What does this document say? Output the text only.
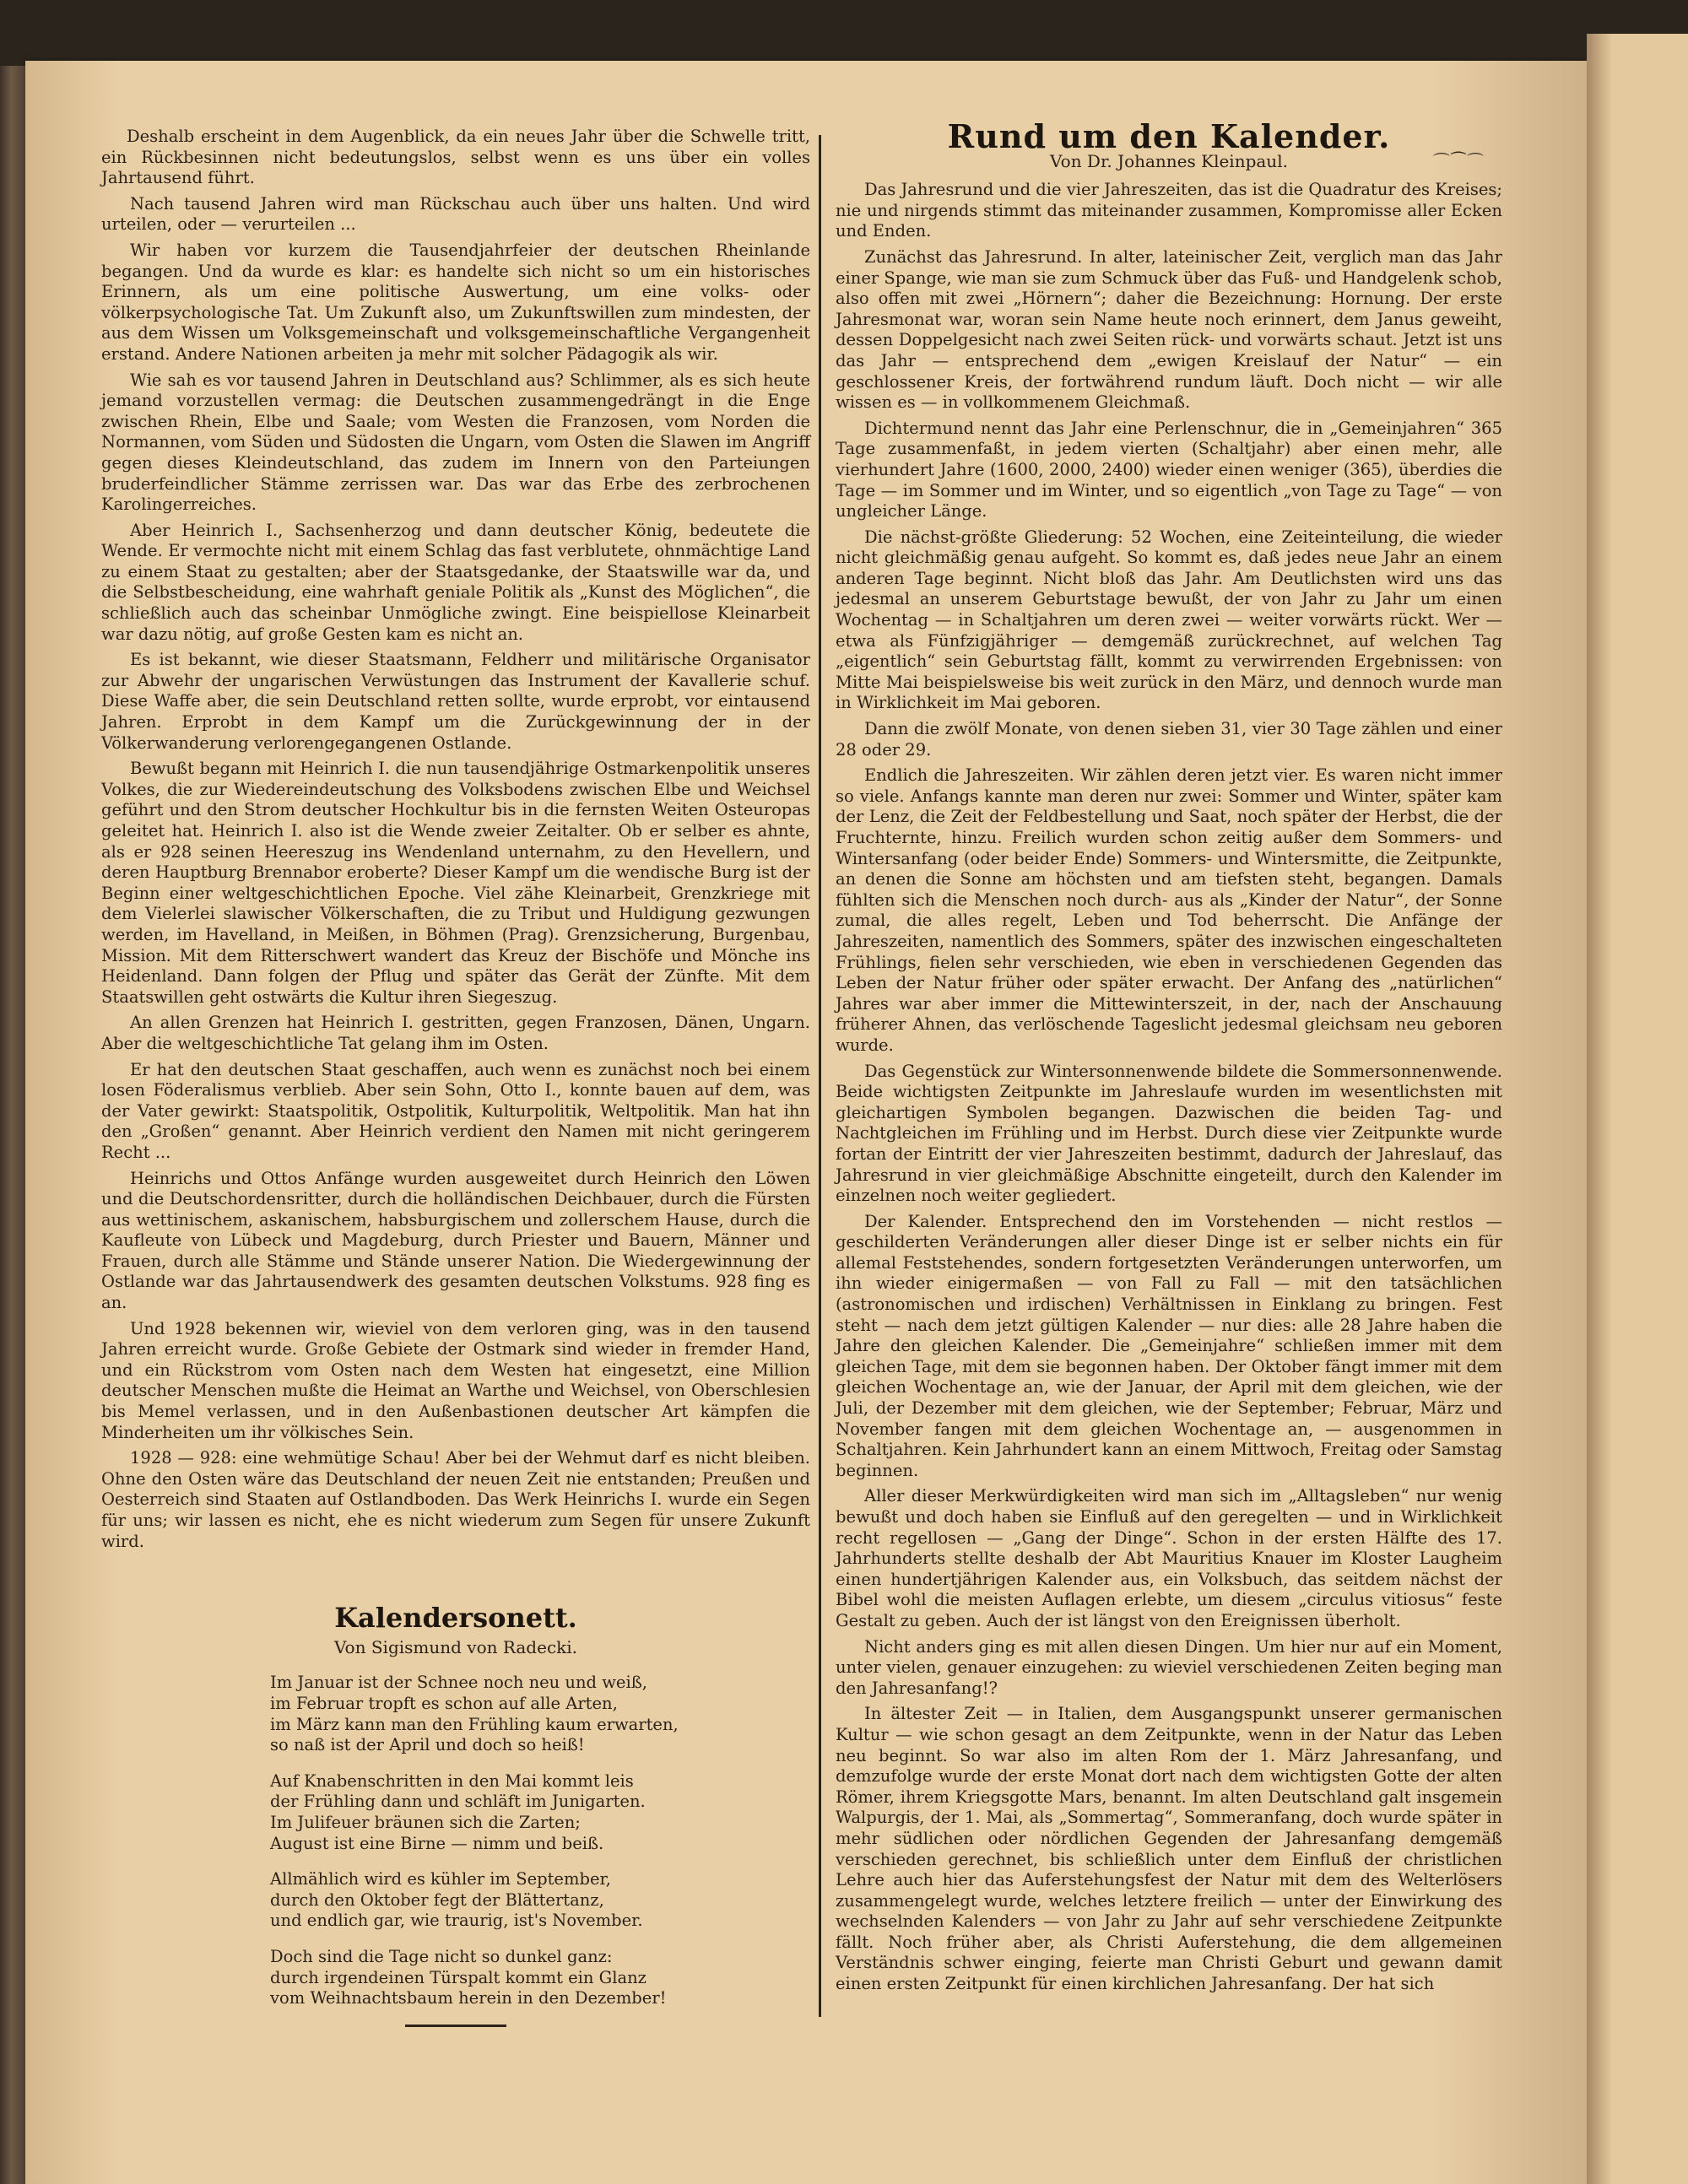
Deshalb erscheint in dem Augenblick, da ein neues Jahr über die Schwelle tritt, ein Rückbesinnen nicht bedeutungslos, selbst wenn es uns über ein volles Jahrtausend führt.

Nach tausend Jahren wird man Rückschau auch über uns halten. Und wird urteilen, oder — verurteilen ...

Wir haben vor kurzem die Tausendjahrfeier der deutschen Rheinlande begangen. Und da wurde es klar: es handelte sich nicht so um ein historisches Erinnern, als um eine politische Auswertung, um eine volks- oder völkerpsychologische Tat. Um Zukunft also, um Zukunftswillen zum mindesten, der aus dem Wissen um Volksgemeinschaft und volksgemeinschaftliche Vergangenheit erstand. Andere Nationen arbeiten ja mehr mit solcher Pädagogik als wir.

Wie sah es vor tausend Jahren in Deutschland aus? Schlimmer, als es sich heute jemand vorzustellen vermag: die Deutschen zusammengedrängt in die Enge zwischen Rhein, Elbe und Saale; vom Westen die Franzosen, vom Norden die Normannen, vom Süden und Südosten die Ungarn, vom Osten die Slawen im Angriff gegen dieses Kleindeutschland, das zudem im Innern von den Parteiungen bruderfeindlicher Stämme zerrissen war. Das war das Erbe des zerbrochenen Karolingerreiches.

Aber Heinrich I., Sachsenherzog und dann deutscher König, bedeutete die Wende. Er vermochte nicht mit einem Schlag das fast verblutete, ohnmächtige Land zu einem Staat zu gestalten; aber der Staatsgedanke, der Staatswille war da, und die Selbstbescheidung, eine wahrhaft geniale Politik als „Kunst des Möglichen“, die schließlich auch das scheinbar Unmögliche zwingt. Eine beispiellose Kleinarbeit war dazu nötig, auf große Gesten kam es nicht an.

Es ist bekannt, wie dieser Staatsmann, Feldherr und militärische Organisator zur Abwehr der ungarischen Verwüstungen das Instrument der Kavallerie schuf. Diese Waffe aber, die sein Deutschland retten sollte, wurde erprobt, vor eintausend Jahren. Erprobt in dem Kampf um die Zurückgewinnung der in der Völkerwanderung verlorengegangenen Ostlande.

Bewußt begann mit Heinrich I. die nun tausendjährige Ostmarkenpolitik unseres Volkes, die zur Wiedereindeutschung des Volksbodens zwischen Elbe und Weichsel geführt und den Strom deutscher Hochkultur bis in die fernsten Weiten Osteuropas geleitet hat. Heinrich I. also ist die Wende zweier Zeitalter. Ob er selber es ahnte, als er 928 seinen Heereszug ins Wendenland unternahm, zu den Hevellern, und deren Hauptburg Brennabor eroberte? Dieser Kampf um die wendische Burg ist der Beginn einer weltgeschichtlichen Epoche. Viel zähe Kleinarbeit, Grenzkriege mit dem Vielerlei slawischer Völkerschaften, die zu Tribut und Huldigung gezwungen werden, im Havelland, in Meißen, in Böhmen (Prag). Grenzsicherung, Burgenbau, Mission. Mit dem Ritterschwert wandert das Kreuz der Bischöfe und Mönche ins Heidenland. Dann folgen der Pflug und später das Gerät der Zünfte. Mit dem Staatswillen geht ostwärts die Kultur ihren Siegeszug.

An allen Grenzen hat Heinrich I. gestritten, gegen Franzosen, Dänen, Ungarn. Aber die weltgeschichtliche Tat gelang ihm im Osten.

Er hat den deutschen Staat geschaffen, auch wenn es zunächst noch bei einem losen Föderalismus verblieb. Aber sein Sohn, Otto I., konnte bauen auf dem, was der Vater gewirkt: Staatspolitik, Ostpolitik, Kulturpolitik, Weltpolitik. Man hat ihn den „Großen“ genannt. Aber Heinrich verdient den Namen mit nicht geringerem Recht ...

Heinrichs und Ottos Anfänge wurden ausgeweitet durch Heinrich den Löwen und die Deutschordensritter, durch die holländischen Deichbauer, durch die Fürsten aus wettinischem, askanischem, habsburgischem und zollerschem Hause, durch die Kaufleute von Lübeck und Magdeburg, durch Priester und Bauern, Männer und Frauen, durch alle Stämme und Stände unserer Nation. Die Wiedergewinnung der Ostlande war das Jahrtausendwerk des gesamten deutschen Volkstums. 928 fing es an.

Und 1928 bekennen wir, wieviel von dem verloren ging, was in den tausend Jahren erreicht wurde. Große Gebiete der Ostmark sind wieder in fremder Hand, und ein Rückstrom vom Osten nach dem Westen hat eingesetzt, eine Million deutscher Menschen mußte die Heimat an Warthe und Weichsel, von Oberschlesien bis Memel verlassen, und in den Außenbastionen deutscher Art kämpfen die Minderheiten um ihr völkisches Sein.

1928 — 928: eine wehmütige Schau! Aber bei der Wehmut darf es nicht bleiben. Ohne den Osten wäre das Deutschland der neuen Zeit nie entstanden; Preußen und Oesterreich sind Staaten auf Ostlandboden. Das Werk Heinrichs I. wurde ein Segen für uns; wir lassen es nicht, ehe es nicht wiederum zum Segen für unsere Zukunft wird.

Kalendersonett.
Von Sigismund von Radecki.
Im Januar ist der Schnee noch neu und weiß,
im Februar tropft es schon auf alle Arten,
im März kann man den Frühling kaum erwarten,
so naß ist der April und doch so heiß!
Auf Knabenschritten in den Mai kommt leis
der Frühling dann und schläft im Junigarten.
Im Julifeuer bräunen sich die Zarten;
August ist eine Birne — nimm und beiß.
Allmählich wird es kühler im September,
durch den Oktober fegt der Blättertanz,
und endlich gar, wie traurig, ist's November.
Doch sind die Tage nicht so dunkel ganz:
durch irgendeinen Türspalt kommt ein Glanz
vom Weihnachtsbaum herein in den Dezember!
Rund um den Kalender.
Von Dr. Johannes Kleinpaul.	⌒⁀⌒

Das Jahresrund und die vier Jahreszeiten, das ist die Quadratur des Kreises; nie und nirgends stimmt das miteinander zusammen, Kompromisse aller Ecken und Enden.

Zunächst das Jahresrund. In alter, lateinischer Zeit, verglich man das Jahr einer Spange, wie man sie zum Schmuck über das Fuß- und Handgelenk schob, also offen mit zwei „Hörnern“; daher die Bezeichnung: Hornung. Der erste Jahresmonat war, woran sein Name heute noch erinnert, dem Janus geweiht, dessen Doppelgesicht nach zwei Seiten rück- und vorwärts schaut. Jetzt ist uns das Jahr — entsprechend dem „ewigen Kreislauf der Natur“ — ein geschlossener Kreis, der fortwährend rundum läuft. Doch nicht — wir alle wissen es — in vollkommenem Gleichmaß.

Dichtermund nennt das Jahr eine Perlenschnur, die in „Gemeinjahren“ 365 Tage zusammenfaßt, in jedem vierten (Schaltjahr) aber einen mehr, alle vierhundert Jahre (1600, 2000, 2400) wieder einen weniger (365), überdies die Tage — im Sommer und im Winter, und so eigentlich „von Tage zu Tage“ — von ungleicher Länge.

Die nächst-größte Gliederung: 52 Wochen, eine Zeiteinteilung, die wieder nicht gleichmäßig genau aufgeht. So kommt es, daß jedes neue Jahr an einem anderen Tage beginnt. Nicht bloß das Jahr. Am Deutlichsten wird uns das jedesmal an unserem Geburtstage bewußt, der von Jahr zu Jahr um einen Wochentag — in Schaltjahren um deren zwei — weiter vorwärts rückt. Wer — etwa als Fünfzigjähriger — demgemäß zurückrechnet, auf welchen Tag „eigentlich“ sein Geburtstag fällt, kommt zu verwirrenden Ergebnissen: von Mitte Mai beispielsweise bis weit zurück in den März, und dennoch wurde man in Wirklichkeit im Mai geboren.

Dann die zwölf Monate, von denen sieben 31, vier 30 Tage zählen und einer 28 oder 29.

Endlich die Jahreszeiten. Wir zählen deren jetzt vier. Es waren nicht immer so viele. Anfangs kannte man deren nur zwei: Sommer und Winter, später kam der Lenz, die Zeit der Feldbestellung und Saat, noch später der Herbst, die der Fruchternte, hinzu. Freilich wurden schon zeitig außer dem Sommers- und Wintersanfang (oder beider Ende) Sommers- und Wintersmitte, die Zeitpunkte, an denen die Sonne am höchsten und am tiefsten steht, begangen. Damals fühlten sich die Menschen noch durch- aus als „Kinder der Natur“, der Sonne zumal, die alles regelt, Leben und Tod beherrscht. Die Anfänge der Jahreszeiten, namentlich des Sommers, später des inzwischen eingeschalteten Frühlings, fielen sehr verschieden, wie eben in verschiedenen Gegenden das Leben der Natur früher oder später erwacht. Der Anfang des „natürlichen“ Jahres war aber immer die Mittewinterszeit, in der, nach der Anschauung früherer Ahnen, das verlöschende Tageslicht jedesmal gleichsam neu geboren wurde.

Das Gegenstück zur Wintersonnenwende bildete die Sommersonnenwende. Beide wichtigsten Zeitpunkte im Jahreslaufe wurden im wesentlichsten mit gleichartigen Symbolen begangen. Dazwischen die beiden Tag- und Nachtgleichen im Frühling und im Herbst. Durch diese vier Zeitpunkte wurde fortan der Eintritt der vier Jahreszeiten bestimmt, dadurch der Jahreslauf, das Jahresrund in vier gleichmäßige Abschnitte eingeteilt, durch den Kalender im einzelnen noch weiter gegliedert.

Der Kalender. Entsprechend den im Vorstehenden — nicht restlos — geschilderten Veränderungen aller dieser Dinge ist er selber nichts ein für allemal Feststehendes, sondern fortgesetzten Veränderungen unterworfen, um ihn wieder einigermaßen — von Fall zu Fall — mit den tatsächlichen (astronomischen und irdischen) Verhältnissen in Einklang zu bringen. Fest steht — nach dem jetzt gültigen Kalender — nur dies: alle 28 Jahre haben die Jahre den gleichen Kalender. Die „Gemeinjahre“ schließen immer mit dem gleichen Tage, mit dem sie begonnen haben. Der Oktober fängt immer mit dem gleichen Wochentage an, wie der Januar, der April mit dem gleichen, wie der Juli, der Dezember mit dem gleichen, wie der September; Februar, März und November fangen mit dem gleichen Wochentage an, — ausgenommen in Schaltjahren. Kein Jahrhundert kann an einem Mittwoch, Freitag oder Samstag beginnen.

Aller dieser Merkwürdigkeiten wird man sich im „Alltagsleben“ nur wenig bewußt und doch haben sie Einfluß auf den geregelten — und in Wirklichkeit recht regellosen — „Gang der Dinge“. Schon in der ersten Hälfte des 17. Jahrhunderts stellte deshalb der Abt Mauritius Knauer im Kloster Laugheim einen hundertjährigen Kalender aus, ein Volksbuch, das seitdem nächst der Bibel wohl die meisten Auflagen erlebte, um diesem „circulus vitiosus“ feste Gestalt zu geben. Auch der ist längst von den Ereignissen überholt.

Nicht anders ging es mit allen diesen Dingen. Um hier nur auf ein Moment, unter vielen, genauer einzugehen: zu wieviel verschiedenen Zeiten beging man den Jahresanfang!?

In ältester Zeit — in Italien, dem Ausgangspunkt unserer germanischen Kultur — wie schon gesagt an dem Zeitpunkte, wenn in der Natur das Leben neu beginnt. So war also im alten Rom der 1. März Jahresanfang, und demzufolge wurde der erste Monat dort nach dem wichtigsten Gotte der alten Römer, ihrem Kriegsgotte Mars, benannt. Im alten Deutschland galt insgemein Walpurgis, der 1. Mai, als „Sommertag“, Sommeranfang, doch wurde später in mehr südlichen oder nördlichen Gegenden der Jahresanfang demgemäß verschieden gerechnet, bis schließlich unter dem Einfluß der christlichen Lehre auch hier das Auferstehungsfest der Natur mit dem des Welterlösers zusammengelegt wurde, welches letztere freilich — unter der Einwirkung des wechselnden Kalenders — von Jahr zu Jahr auf sehr verschiedene Zeitpunkte fällt. Noch früher aber, als Christi Auferstehung, die dem allgemeinen Verständnis schwer einging, feierte man Christi Geburt und gewann damit einen ersten Zeitpunkt für einen kirchlichen Jahresanfang. Der hat sich
